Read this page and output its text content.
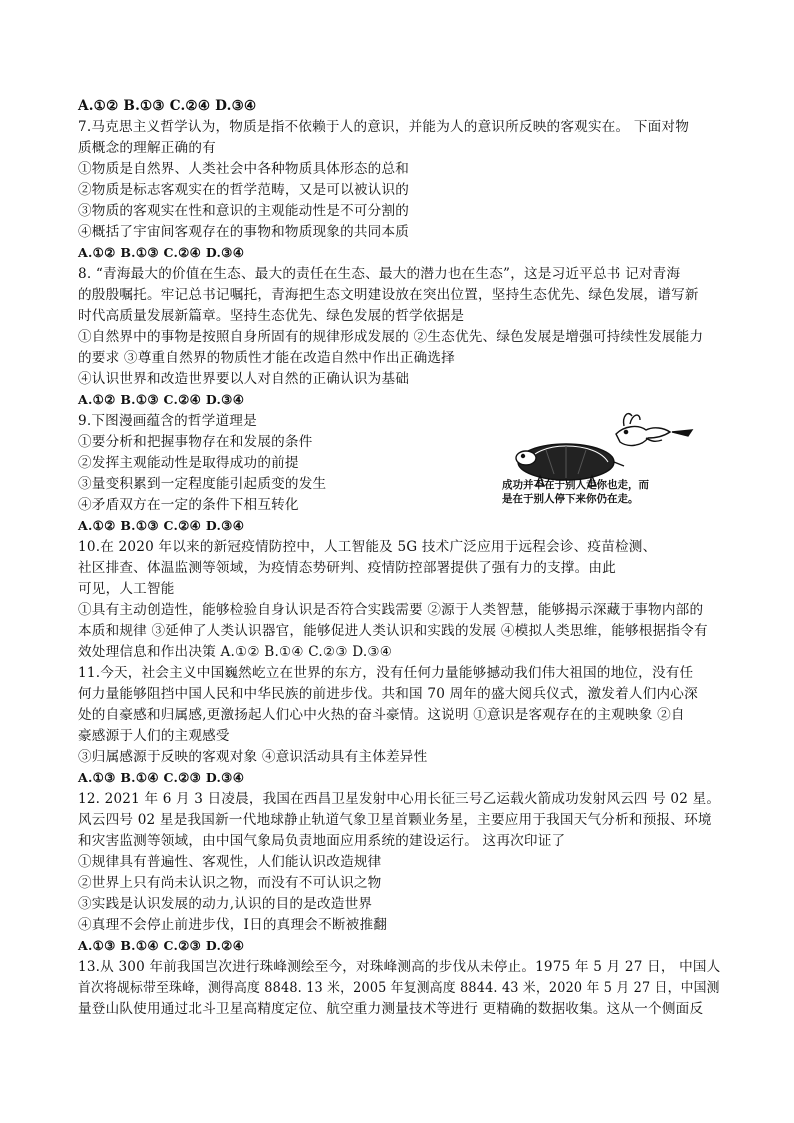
A.①② B.①③ C.②④ D.③④
7.马克思主义哲学认为，物质是指不依赖于人的意识，并能为人的意识所反映的客观实在。 下面对物
质概念的理解正确的有
①物质是自然界、人类社会中各种物质具体形态的总和
②物质是标志客观实在的哲学范畴，又是可以被认识的
③物质的客观实在性和意识的主观能动性是不可分割的
④概括了宇宙间客观存在的事物和物质现象的共同本质
A.①② B.①③ C.②④ D.③④
8. “青海最大的价值在生态、最大的责任在生态、最大的潜力也在生态”，这是习近平总书 记对青海
的殷殷嘱托。牢记总书记嘱托，青海把生态文明建设放在突出位置，坚持生态优先、绿色发展，谱写新
时代高质量发展新篇章。坚持生态优先、绿色发展的哲学依据是
①自然界中的事物是按照自身所固有的规律形成发展的 ②生态优先、绿色发展是增强可持续性发展能力
的要求 ③尊重自然界的物质性才能在改造自然中作出正确选择
④认识世界和改造世界要以人对自然的正确认识为基础
A.①② B.①③ C.②④ D.③④
9.下图漫画蕴含的哲学道理是
①要分析和把握事物存在和发展的条件
②发挥主观能动性是取得成功的前提
③量变积累到一定程度能引起质变的发生
④矛盾双方在一定的条件下相互转化
A.①② B.①③ C.②④ D.③④
成功并不在于别人走你也走，而
是在于别人停下来你仍在走。
10.在 2020 年以来的新冠疫情防控中，人工智能及 5G 技术广泛应用于远程会诊、疫苗检测、
社区排查、体温监测等领域，为疫情态势研判、疫情防控部署提供了强有力的支撑。由此
可见，人工智能
①具有主动创造性，能够检验自身认识是否符合实践需要 ②源于人类智慧，能够揭示深藏于事物内部的
本质和规律 ③延伸了人类认识器官，能够促进人类认识和实践的发展 ④模拟人类思维，能够根据指令有
效处理信息和作出决策 A.①② B.①④ C.②③ D.③④
11.今天，社会主义中国巍然屹立在世界的东方，没有任何力量能够撼动我们伟大祖国的地位，没有任
何力量能够阻挡中国人民和中华民族的前进步伐。共和国 70 周年的盛大阅兵仪式，激发着人们内心深
处的自豪感和归属感,更激扬起人们心中火热的奋斗豪情。这说明 ①意识是客观存在的主观映象 ②自
豪感源于人们的主观感受
③归属感源于反映的客观对象 ④意识活动具有主体差异性
A.①③ B.①④ C.②③ D.③④
12. 2021 年 6 月 3 日凌晨，我国在西昌卫星发射中心用长征三号乙运载火箭成功发射风云四 号 02 星。
风云四号 02 星是我国新一代地球静止轨道气象卫星首颗业务星，主要应用于我国天气分析和预报、环境
和灾害监测等领域，由中国气象局负责地面应用系统的建设运行。 这再次印证了
①规律具有普遍性、客观性，人们能认识改造规律
②世界上只有尚未认识之物，而没有不可认识之物
③实践是认识发展的动力,认识的目的是改造世界
④真理不会停止前进步伐，Ⅰ日的真理会不断被推翻
A.①③ B.①④ C.②③ D.②④
13.从 300 年前我国岂次进行珠峰测绘至今，对珠峰测高的步伐从未停止。1975 年 5 月 27 日， 中国人
首次将觇标带至珠峰，测得高度 8848. 13 米，2005 年复测高度 8844. 43 米，2020 年 5 月 27 日，中国测
量登山队使用通过北斗卫星高精度定位、航空重力测量技术等进行 更精确的数据收集。这从一个侧面反
